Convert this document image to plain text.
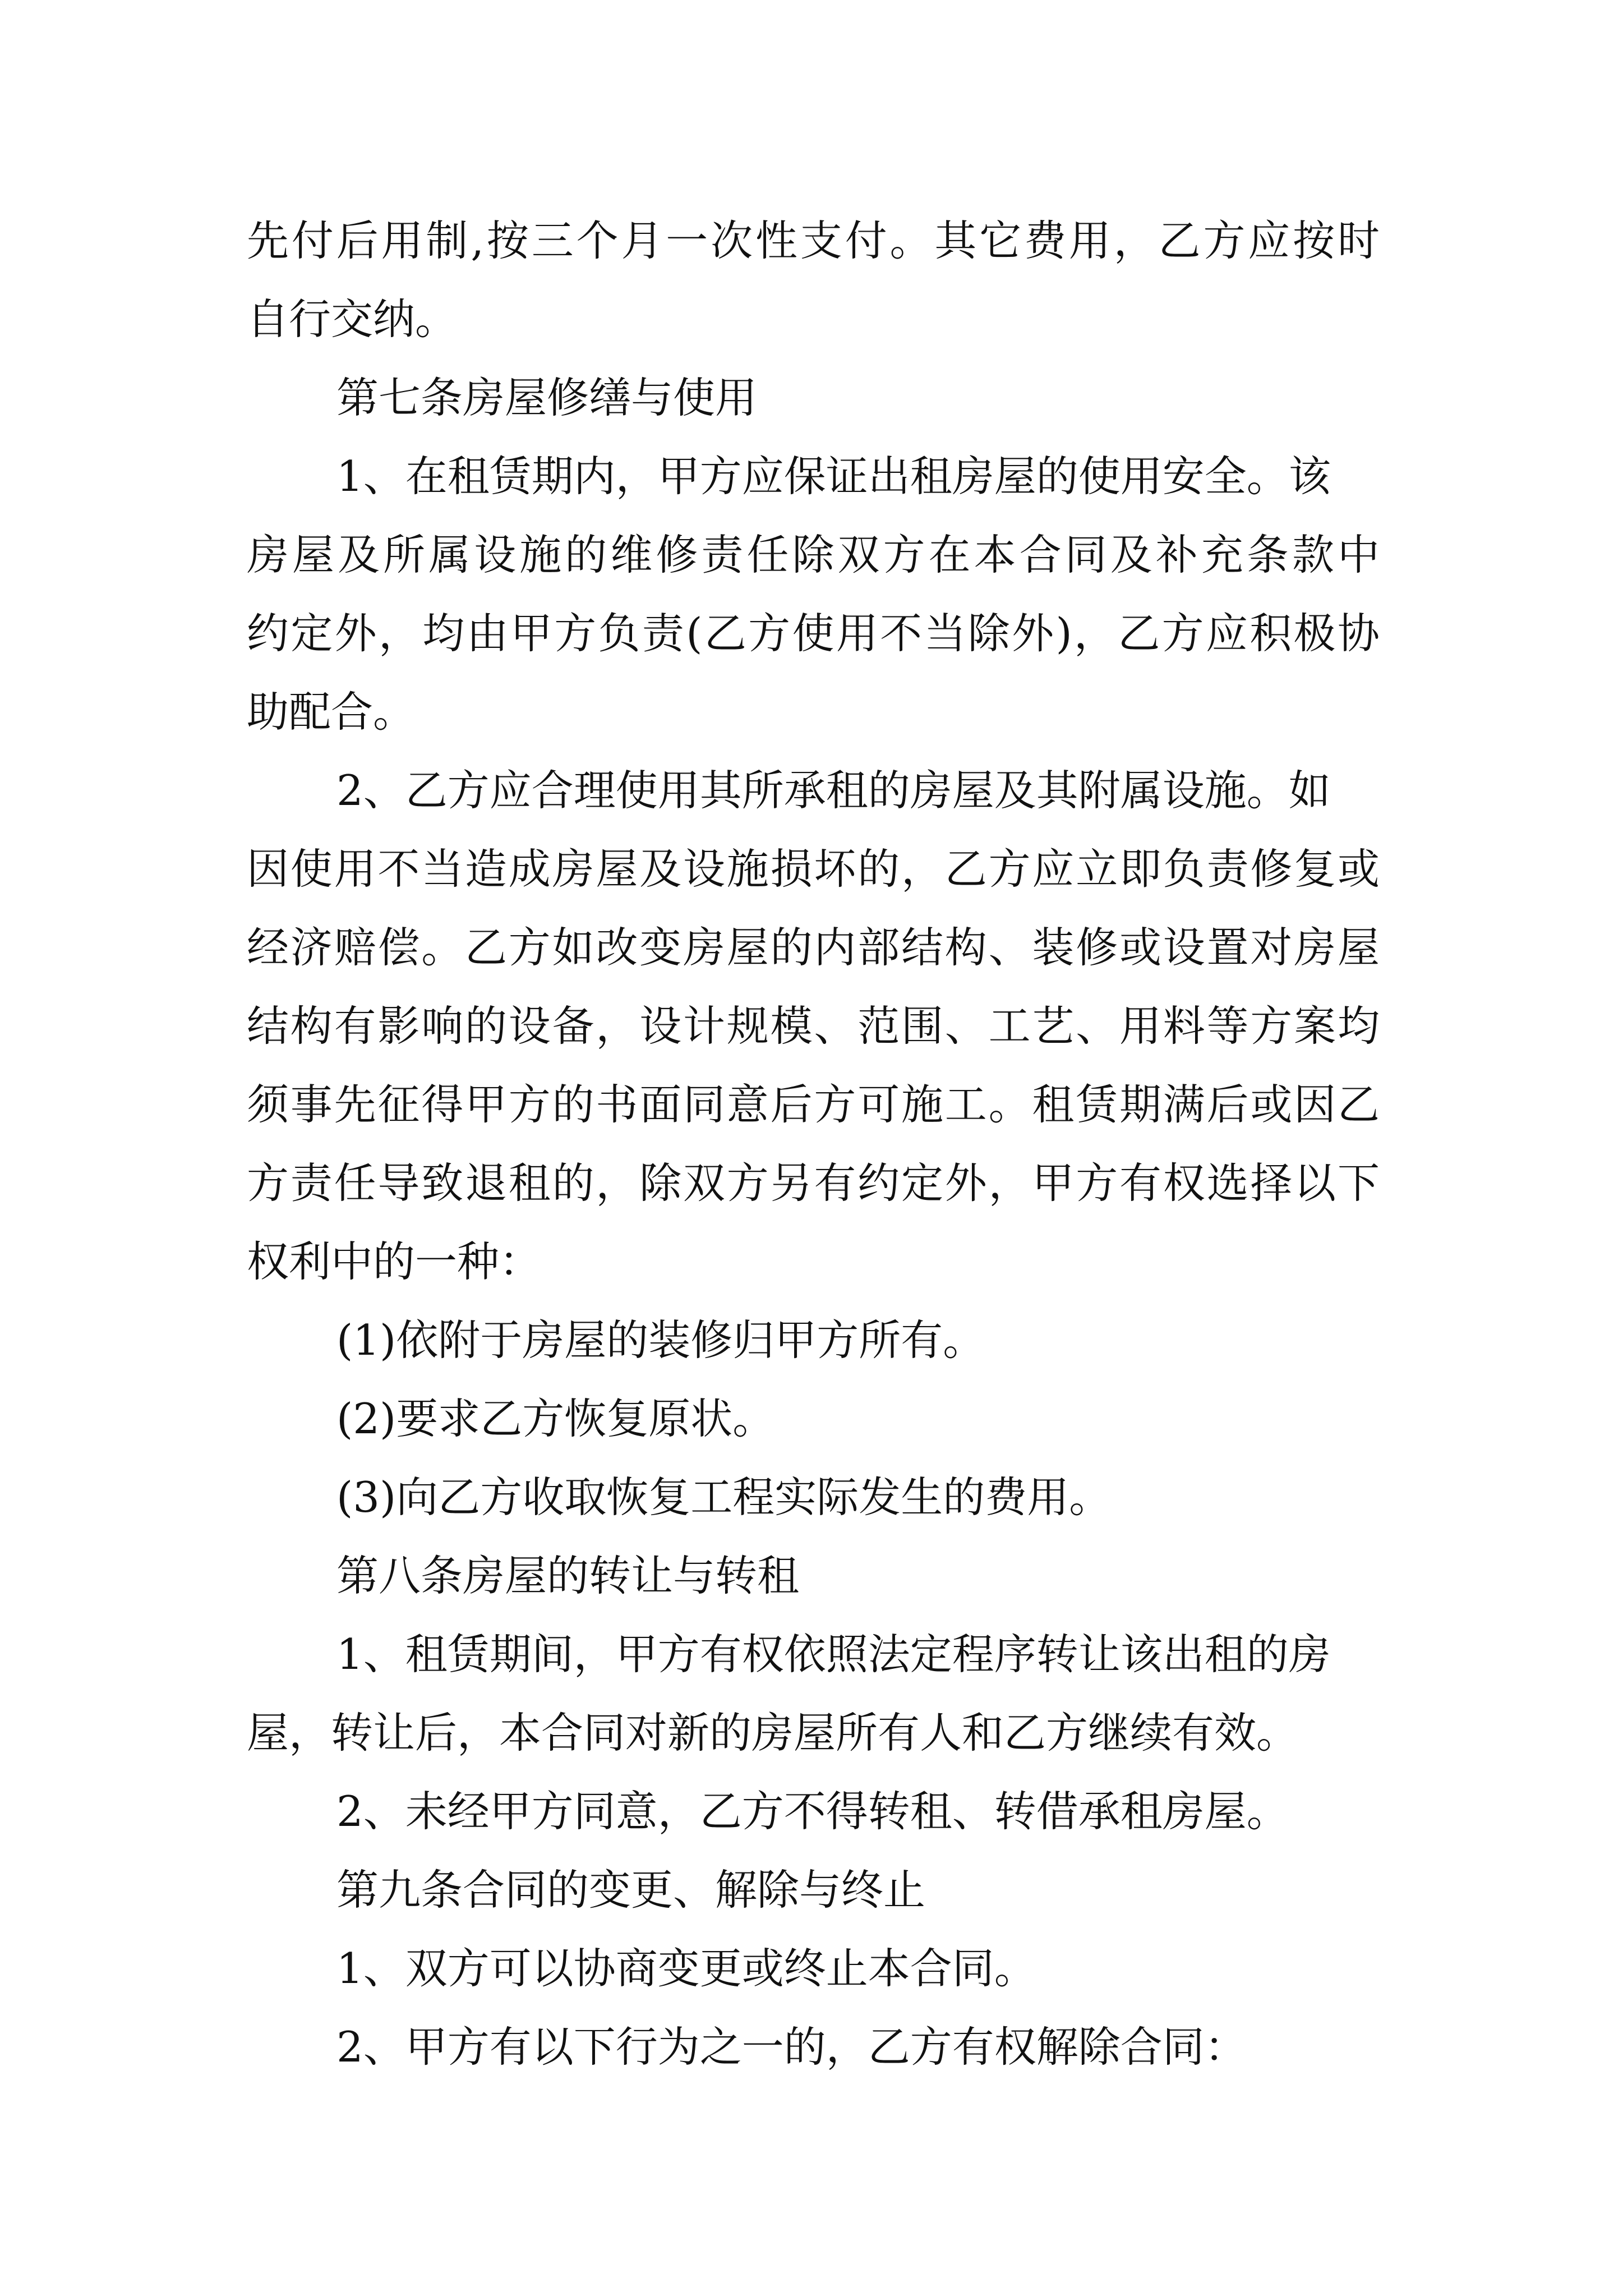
先付后用制,按三个月一次性支付。其它费用，乙方应按时

自行交纳。

第七条房屋修缮与使用

1、在租赁期内，甲方应保证出租房屋的使用安全。该

房屋及所属设施的维修责任除双方在本合同及补充条款中

约定外，均由甲方负责(乙方使用不当除外)，乙方应积极协

助配合。

2、乙方应合理使用其所承租的房屋及其附属设施。如

因使用不当造成房屋及设施损坏的，乙方应立即负责修复或

经济赔偿。乙方如改变房屋的内部结构、装修或设置对房屋

结构有影响的设备，设计规模、范围、工艺、用料等方案均

须事先征得甲方的书面同意后方可施工。租赁期满后或因乙

方责任导致退租的，除双方另有约定外，甲方有权选择以下

权利中的一种：

(1)依附于房屋的装修归甲方所有。

(2)要求乙方恢复原状。

(3)向乙方收取恢复工程实际发生的费用。

第八条房屋的转让与转租

1、租赁期间，甲方有权依照法定程序转让该出租的房

屋，转让后，本合同对新的房屋所有人和乙方继续有效。

2、未经甲方同意，乙方不得转租、转借承租房屋。

第九条合同的变更、解除与终止

1、双方可以协商变更或终止本合同。

2、甲方有以下行为之一的，乙方有权解除合同：
